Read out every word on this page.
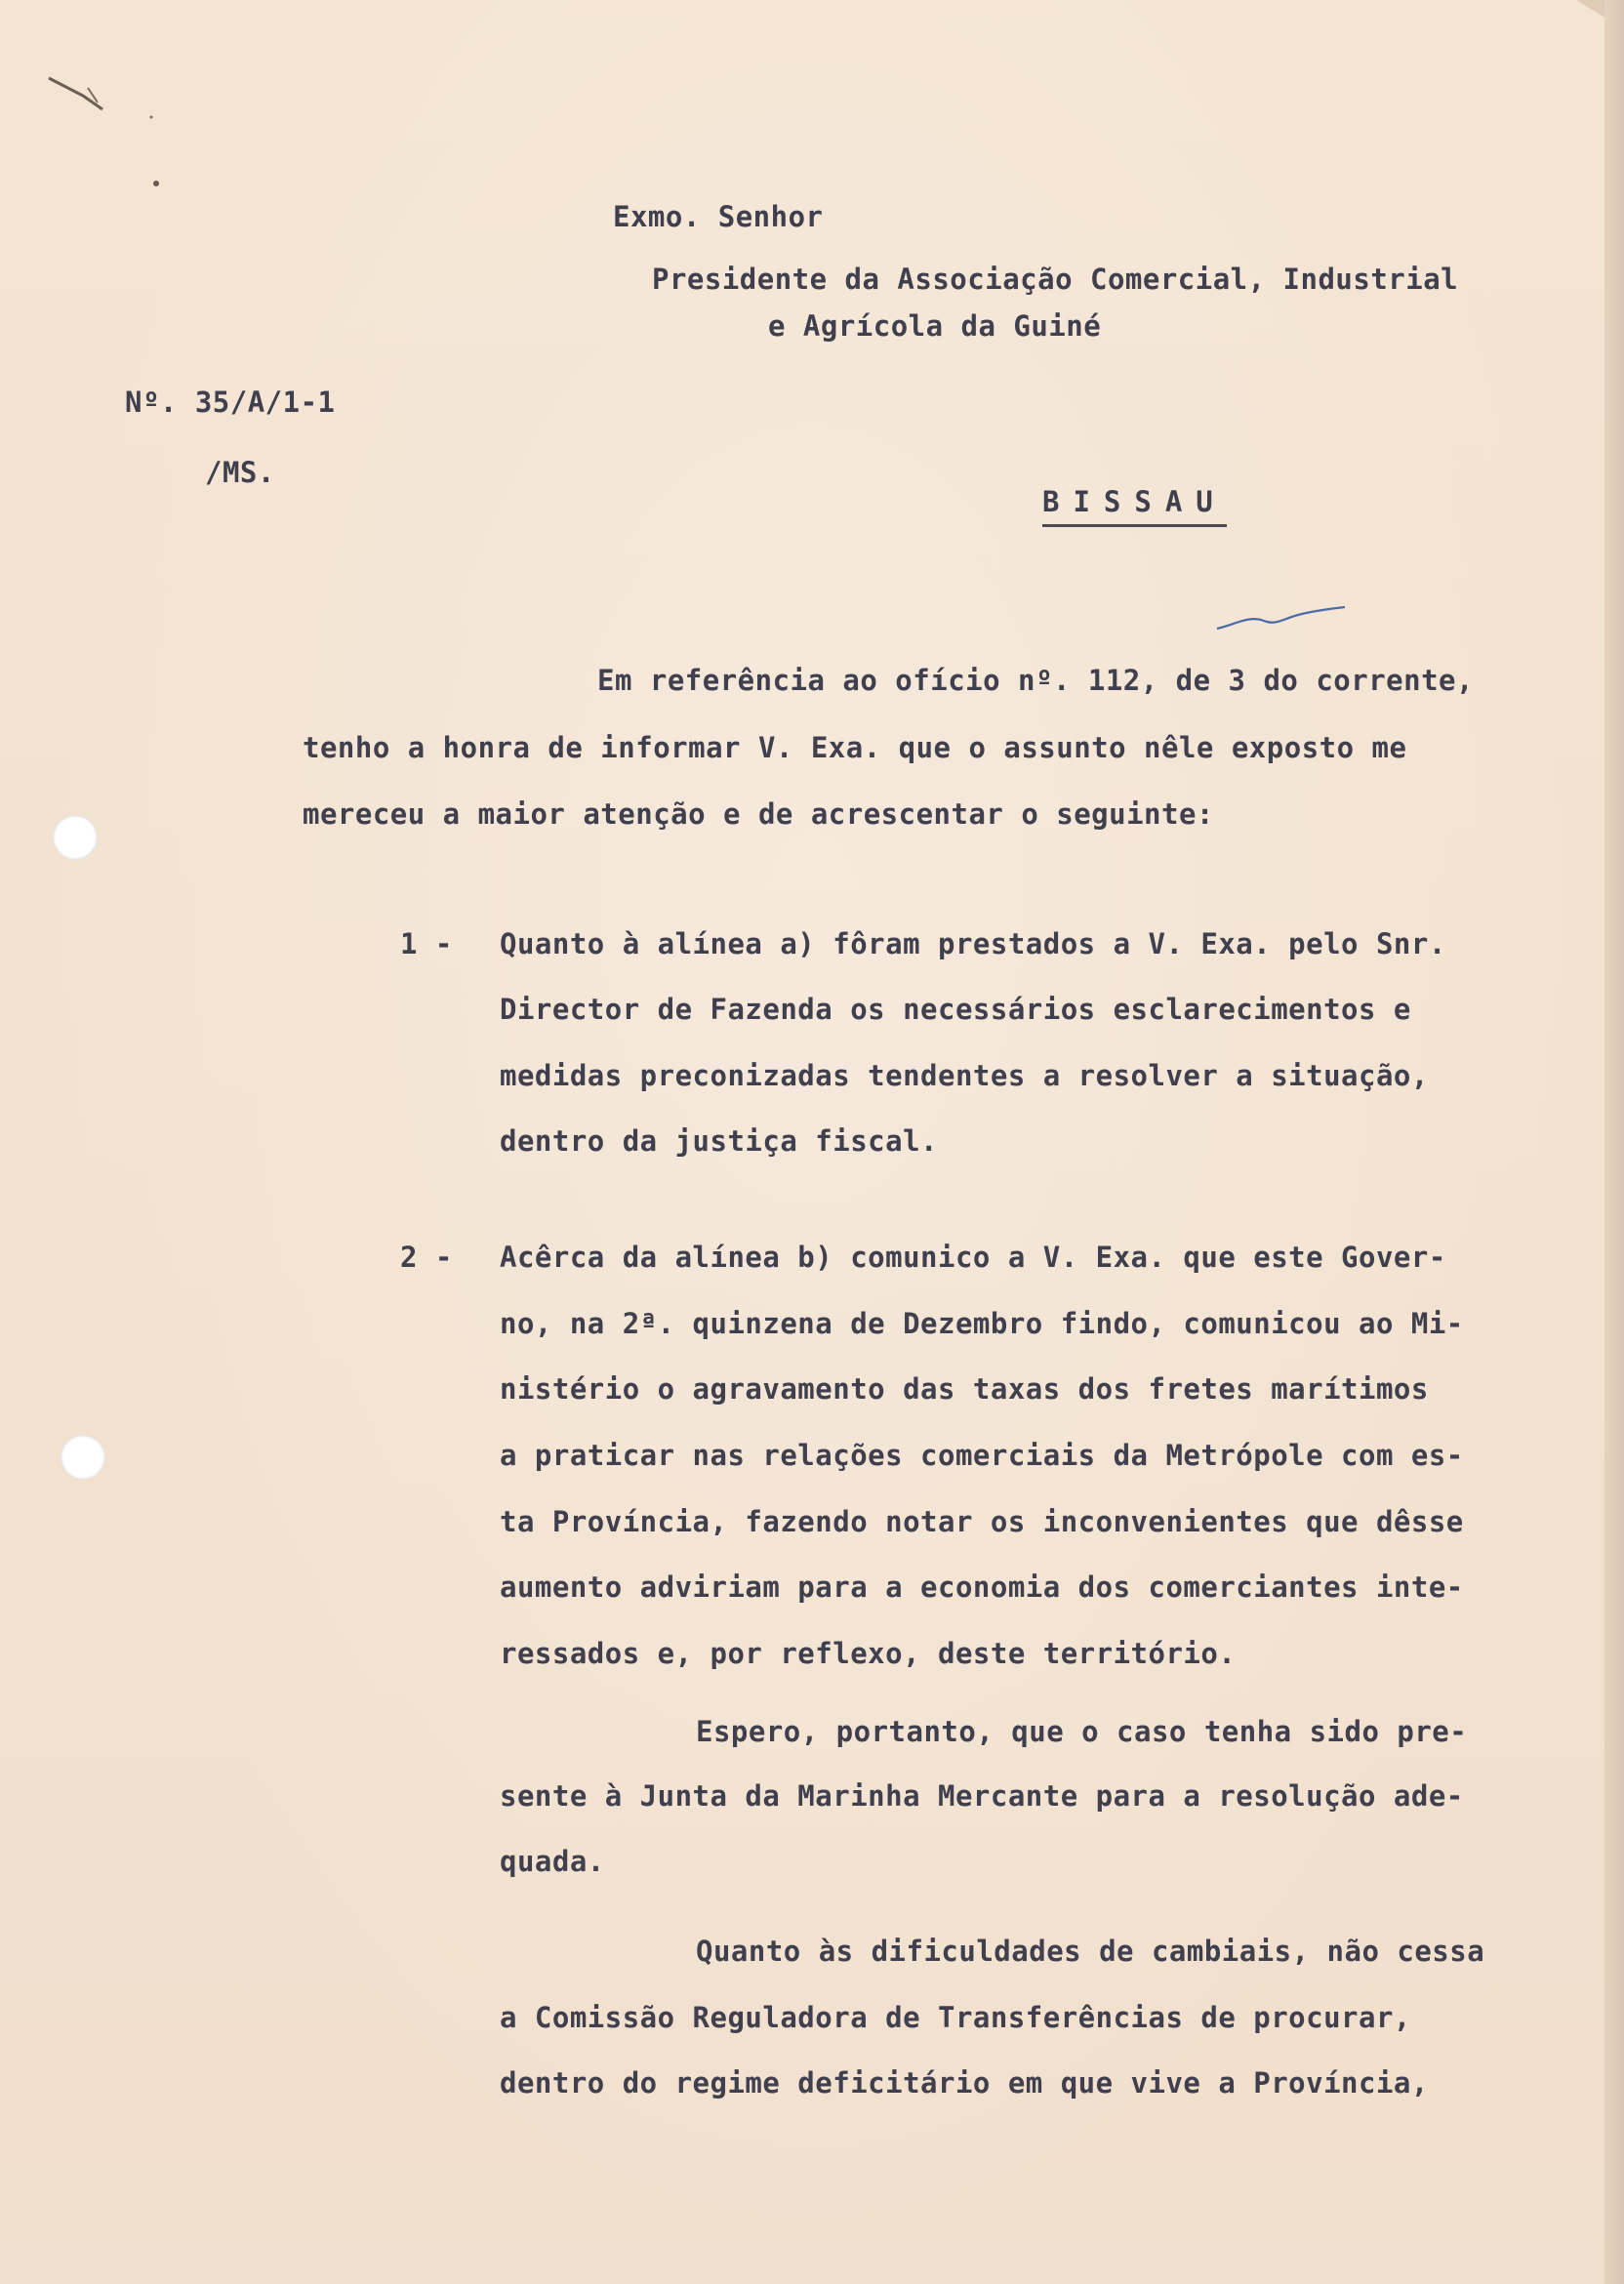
Exmo. Senhor
Presidente da Associação Comercial, Industrial
e Agrícola da Guiné
Nº. 35/A/1-1
/MS.
BISSAU
Em referência ao ofício nº. 112, de 3 do corrente,
tenho a honra de informar V. Exa. que o assunto nêle exposto me
mereceu a maior atenção e de acrescentar o seguinte:
1 - Quanto à alínea a) fôram prestados a V. Exa. pelo Snr.
Director de Fazenda os necessários esclarecimentos e
medidas preconizadas tendentes a resolver a situação,
dentro da justiça fiscal.
2 - Acêrca da alínea b) comunico a V. Exa. que este Gover-
no, na 2ª. quinzena de Dezembro findo, comunicou ao Mi-
nistério o agravamento das taxas dos fretes marítimos
a praticar nas relações comerciais da Metrópole com es-
ta Província, fazendo notar os inconvenientes que dêsse
aumento adviriam para a economia dos comerciantes inte-
ressados e, por reflexo, deste território.
Espero, portanto, que o caso tenha sido pre-
sente à Junta da Marinha Mercante para a resolução ade-
quada.
Quanto às dificuldades de cambiais, não cessa
a Comissão Reguladora de Transferências de procurar,
dentro do regime deficitário em que vive a Província,
